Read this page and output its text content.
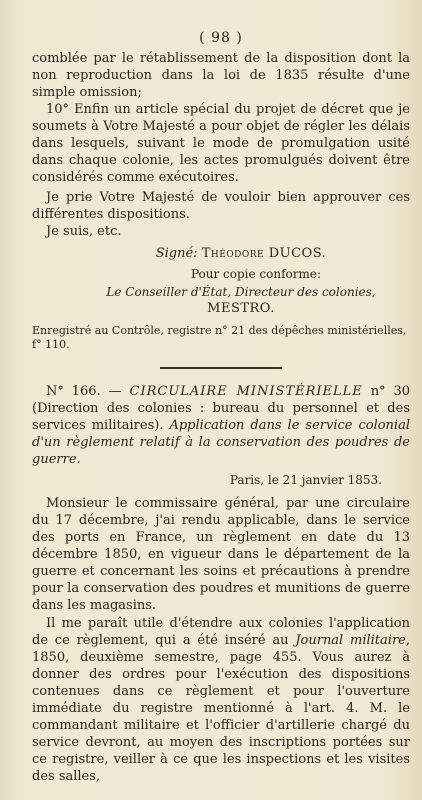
( 98 )

comblée par le rétablissement de la disposition dont la non reproduction dans la loi de 1835 résulte d'une simple omission;

10° Enfin un article spécial du projet de décret que je soumets à Votre Majesté a pour objet de régler les délais dans lesquels, suivant le mode de promulgation usité dans chaque colonie, les actes promulgués doivent être considérés comme exécutoires.

Je prie Votre Majesté de vouloir bien approuver ces différentes dispositions.

Je suis, etc.

Signé: Théodore DUCOS.
Pour copie conforme:
Le Conseiller d'État, Directeur des colonies,
MESTRO.
Enregistré au Contrôle, registre n° 21 des dépêches ministérielles, f° 110.

N° 166. — CIRCULAIRE MINISTÉRIELLE n° 30 (Direction des colonies : bureau du personnel et des services militaires). Application dans le service colonial d'un règlement relatif à la conservation des poudres de guerre.

Paris, le 21 janvier 1853.

Monsieur le commissaire général, par une circulaire du 17 décembre, j'ai rendu applicable, dans le service des ports en France, un règlement en date du 13 décembre 1850, en vigueur dans le département de la guerre et concernant les soins et précautions à prendre pour la conservation des poudres et munitions de guerre dans les magasins.

Il me paraît utile d'étendre aux colonies l'application de ce règlement, qui a été inséré au Journal militaire, 1850, deuxième semestre, page 455. Vous aurez à donner des ordres pour l'exécution des dispositions contenues dans ce règlement et pour l'ouverture immédiate du registre mentionné à l'art. 4. M. le commandant militaire et l'officier d'artillerie chargé du service devront, au moyen des inscriptions portées sur ce registre, veiller à ce que les inspections et les visites des salles,
